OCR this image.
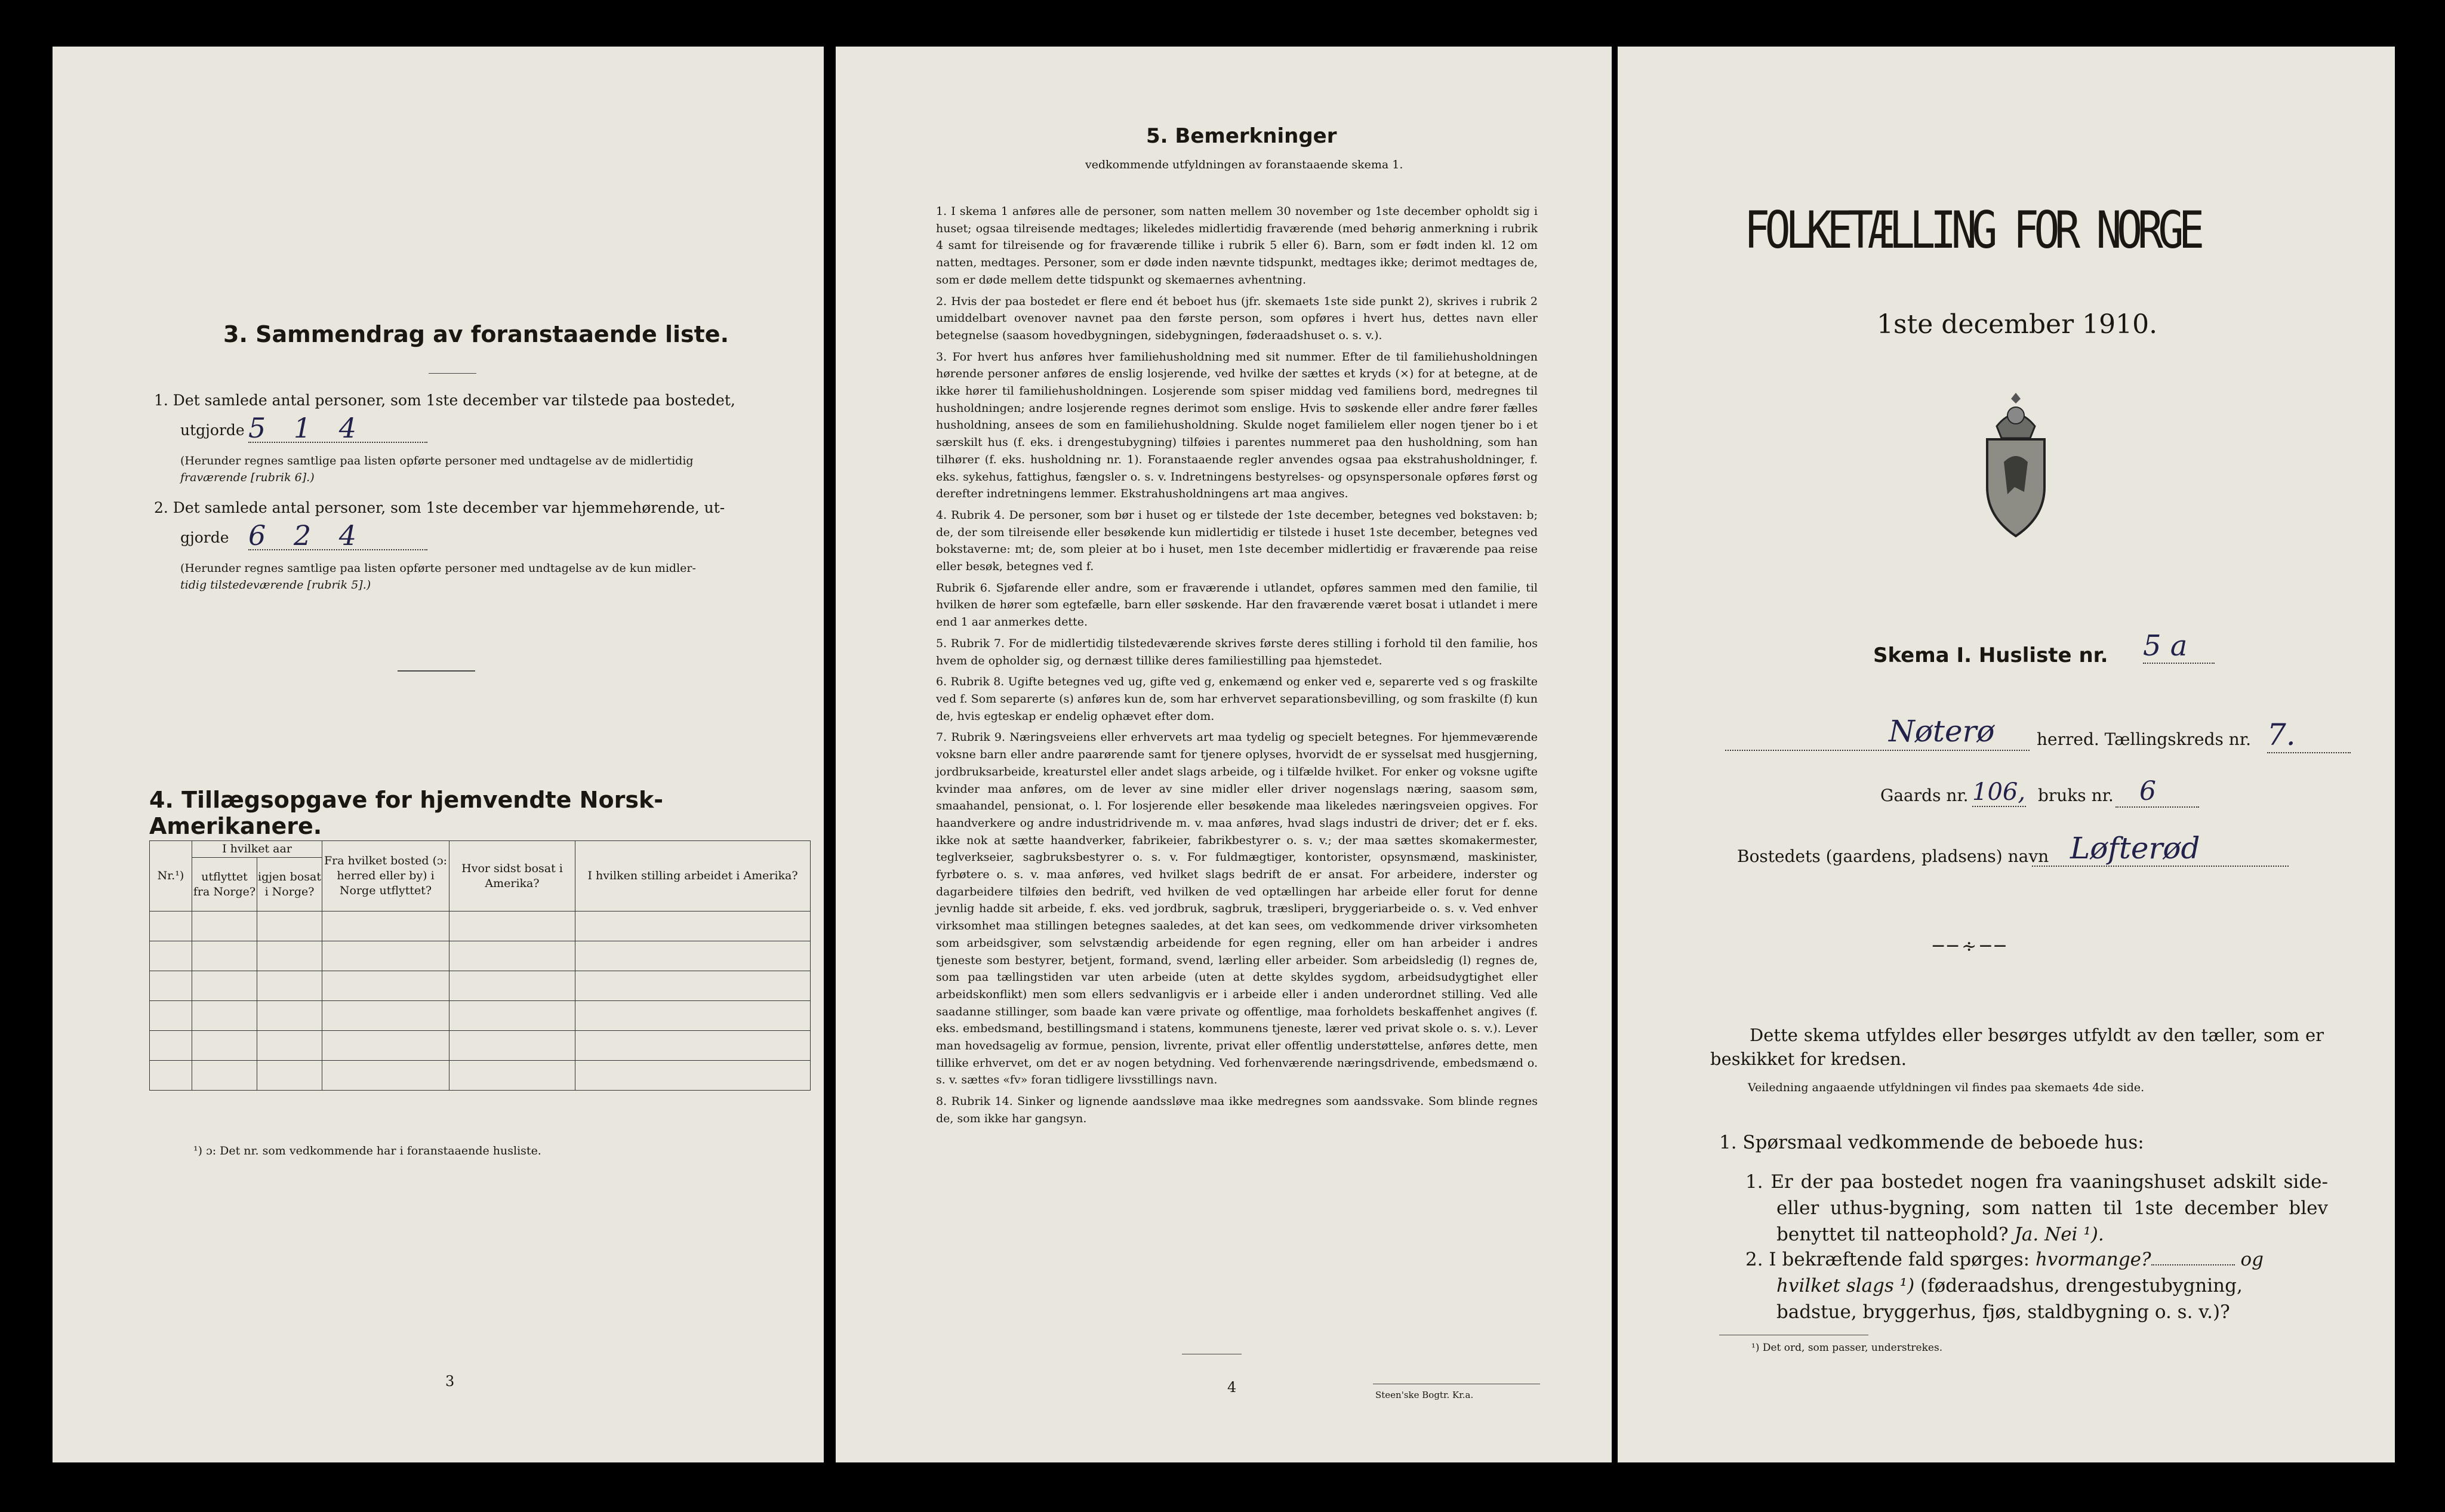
3. Sammendrag av foranstaaende liste.
1. Det samlede antal personer, som 1ste december var tilstede paa bostedet,
utgjorde 5 1 4
(Herunder regnes samtlige paa listen opførte personer med undtagelse av de midlertidig
fraværende [rubrik 6].)
2. Det samlede antal personer, som 1ste december var hjemmehørende, ut-
gjorde 6 2 4
(Herunder regnes samtlige paa listen opførte personer med undtagelse av de kun midler-
tidig tilstedeværende [rubrik 5].)
4. Tillægsopgave for hjemvendte Norsk-Amerikanere.
Nr.¹)	I hvilket aar		Fra hvilket bosted (ɔ: herred eller by) i Norge utflyttet?	Hvor sidst bosat i Amerika?	I hvilken stilling arbeidet i Amerika?
	utflyttet fra Norge?	igjen bosat i Norge?			

¹) ɔ: Det nr. som vedkommende har i foranstaaende husliste.
3
5. Bemerkninger
vedkommende utfyldningen av foranstaaende skema 1.

1. I skema 1 anføres alle de personer, som natten mellem 30 november og 1ste december opholdt sig i huset; ogsaa tilreisende medtages; likeledes midlertidig fraværende (med behørig anmerkning i rubrik 4 samt for tilreisende og for fraværende tillike i rubrik 5 eller 6). Barn, som er født inden kl. 12 om natten, medtages. Personer, som er døde inden nævnte tidspunkt, medtages ikke; derimot medtages de, som er døde mellem dette tidspunkt og skemaernes avhentning.

2. Hvis der paa bostedet er flere end ét beboet hus (jfr. skemaets 1ste side punkt 2), skrives i rubrik 2 umiddelbart ovenover navnet paa den første person, som opføres i hvert hus, dettes navn eller betegnelse (saasom hovedbygningen, sidebygningen, føderaadshuset o. s. v.).

3. For hvert hus anføres hver familiehusholdning med sit nummer. Efter de til familiehusholdningen hørende personer anføres de enslig losjerende, ved hvilke der sættes et kryds (×) for at betegne, at de ikke hører til familiehusholdningen. Losjerende som spiser middag ved familiens bord, medregnes til husholdningen; andre losjerende regnes derimot som enslige. Hvis to søskende eller andre fører fælles husholdning, ansees de som en familiehusholdning. Skulde noget familielem eller nogen tjener bo i et særskilt hus (f. eks. i drengestubygning) tilføies i parentes nummeret paa den husholdning, som han tilhører (f. eks. husholdning nr. 1). Foranstaaende regler anvendes ogsaa paa ekstrahusholdninger, f. eks. sykehus, fattighus, fængsler o. s. v. Indretningens bestyrelses- og opsynspersonale opføres først og derefter indretningens lemmer. Ekstrahusholdningens art maa angives.

4. Rubrik 4. De personer, som bør i huset og er tilstede der 1ste december, betegnes ved bokstaven: b; de, der som tilreisende eller besøkende kun midlertidig er tilstede i huset 1ste december, betegnes ved bokstaverne: mt; de, som pleier at bo i huset, men 1ste december midlertidig er fraværende paa reise eller besøk, betegnes ved f.

Rubrik 6. Sjøfarende eller andre, som er fraværende i utlandet, opføres sammen med den familie, til hvilken de hører som egtefælle, barn eller søskende. Har den fraværende været bosat i utlandet i mere end 1 aar anmerkes dette.

5. Rubrik 7. For de midlertidig tilstedeværende skrives første deres stilling i forhold til den familie, hos hvem de opholder sig, og dernæst tillike deres familiestilling paa hjemstedet.

6. Rubrik 8. Ugifte betegnes ved ug, gifte ved g, enkemænd og enker ved e, separerte ved s og fraskilte ved f. Som separerte (s) anføres kun de, som har erhvervet separationsbevilling, og som fraskilte (f) kun de, hvis egteskap er endelig ophævet efter dom.

7. Rubrik 9. Næringsveiens eller erhvervets art maa tydelig og specielt betegnes. For hjemmeværende voksne barn eller andre paarørende samt for tjenere oplyses, hvorvidt de er sysselsat med husgjerning, jordbruksarbeide, kreaturstel eller andet slags arbeide, og i tilfælde hvilket. For enker og voksne ugifte kvinder maa anføres, om de lever av sine midler eller driver nogenslags næring, saasom søm, smaahandel, pensionat, o. l. For losjerende eller besøkende maa likeledes næringsveien opgives. For haandverkere og andre industridrivende m. v. maa anføres, hvad slags industri de driver; det er f. eks. ikke nok at sætte haandverker, fabrikeier, fabrikbestyrer o. s. v.; der maa sættes skomakermester, teglverkseier, sagbruksbestyrer o. s. v. For fuldmægtiger, kontorister, opsynsmænd, maskinister, fyrbøtere o. s. v. maa anføres, ved hvilket slags bedrift de er ansat. For arbeidere, inderster og dagarbeidere tilføies den bedrift, ved hvilken de ved optællingen har arbeide eller forut for denne jevnlig hadde sit arbeide, f. eks. ved jordbruk, sagbruk, træsliperi, bryggeriarbeide o. s. v. Ved enhver virksomhet maa stillingen betegnes saaledes, at det kan sees, om vedkommende driver virksomheten som arbeidsgiver, som selvstændig arbeidende for egen regning, eller om han arbeider i andres tjeneste som bestyrer, betjent, formand, svend, lærling eller arbeider. Som arbeidsledig (l) regnes de, som paa tællingstiden var uten arbeide (uten at dette skyldes sygdom, arbeidsudygtighet eller arbeidskonflikt) men som ellers sedvanligvis er i arbeide eller i anden underordnet stilling. Ved alle saadanne stillinger, som baade kan være private og offentlige, maa forholdets beskaffenhet angives (f. eks. embedsmand, bestillingsmand i statens, kommunens tjeneste, lærer ved privat skole o. s. v.). Lever man hovedsagelig av formue, pension, livrente, privat eller offentlig understøttelse, anføres dette, men tillike erhvervet, om det er av nogen betydning. Ved forhenværende næringsdrivende, embedsmænd o. s. v. sættes «fv» foran tidligere livsstillings navn.

8. Rubrik 14. Sinker og lignende aandssløve maa ikke medregnes som aandssvake. Som blinde regnes de, som ikke har gangsyn.

4	Steen'ske Bogtr. Kr.a.
FOLKETÆLLING FOR NORGE
1ste december 1910.
Skema I. Husliste nr. 5 a
Nøterø	herred. Tællingskreds nr. 7.
Gaards nr. 106, bruks nr. 6
Bostedets (gaardens, pladsens) navn Løfterød
──∻──
Dette skema utfyldes eller besørges utfyldt av den tæller, som er beskikket for kredsen.
Veiledning angaaende utfyldningen vil findes paa skemaets 4de side.
1. Spørsmaal vedkommende de beboede hus:
1. Er der paa bostedet nogen fra vaaningshuset adskilt side- eller uthus-bygning, som natten til 1ste december blev benyttet til natteophold? Ja. Nei ¹).
2. I bekræftende fald spørges: hvormange?	og hvilket slags ¹) (føderaadshus, drengestubygning, badstue, bryggerhus, fjøs, staldbygning o. s. v.)?
¹) Det ord, som passer, understrekes.
